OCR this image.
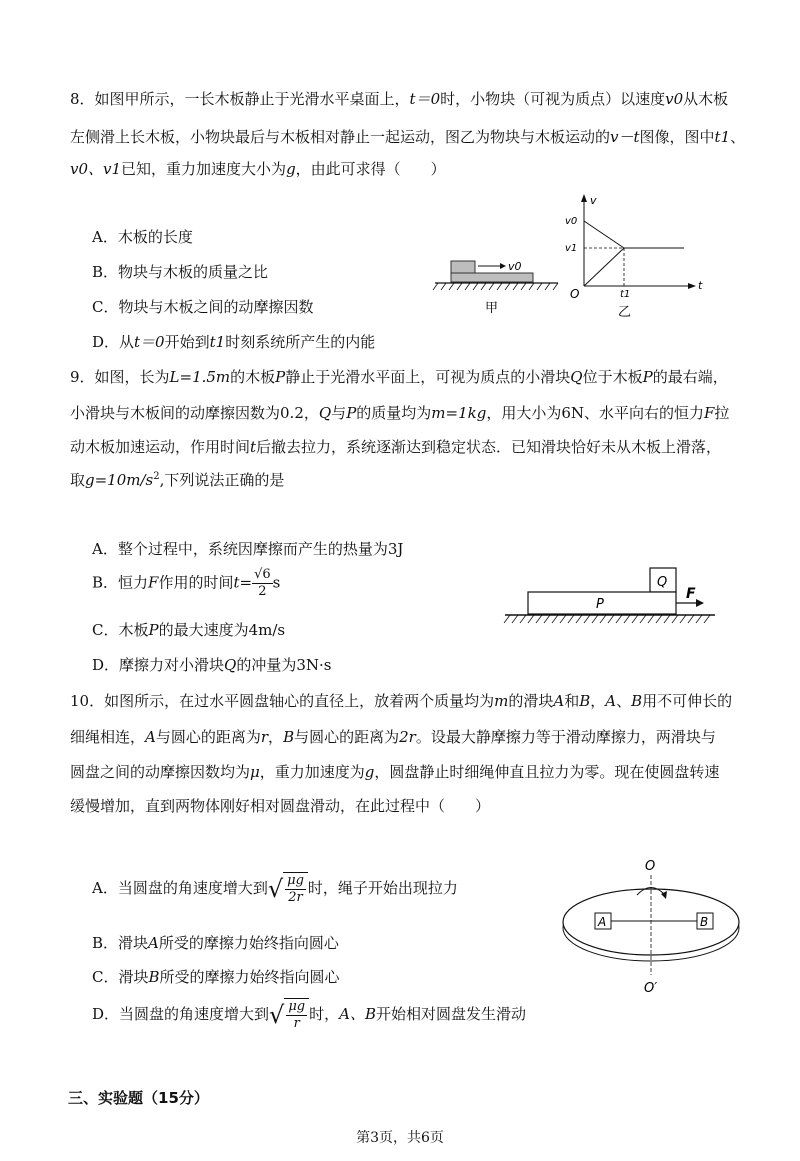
8．如图甲所示，一长木板静止于光滑水平桌面上，t＝0时，小物块（可视为质点）以速度v0从木板
左侧滑上长木板，小物块最后与木板相对静止一起运动，图乙为物块与木板运动的v－t图像，图中t1、
v0、v1已知，重力加速度大小为g，由此可求得（　　）
A．木板的长度
B．物块与木板的质量之比
C．物块与木板之间的动摩擦因数
D．从t＝0开始到t1时刻系统所产生的内能
v0
甲
v
v0
v1
O
t
t1
乙
9．如图，长为L=1.5m的木板P静止于光滑水平面上，可视为质点的小滑块Q位于木板P的最右端，
小滑块与木板间的动摩擦因数为0.2，Q与P的质量均为m=1kg，用大小为6N、水平向右的恒力F拉
动木板加速运动，作用时间t后撤去拉力，系统逐渐达到稳定状态．已知滑块恰好未从木板上滑落，
取$g=10m/s^2$,下列说法正确的是
A．整个过程中，系统因摩擦而产生的热量为3J
B．恒力F作用的时间$t= \frac{√6}{2}$ s
C．木板P的最大速度为4m/s
D．摩擦力对小滑块Q的冲量为3N·s
Q
P
F
10．如图所示，在过水平圆盘轴心的直径上，放着两个质量均为m的滑块A和B，A、B用不可伸长的
细绳相连，A与圆心的距离为r，B与圆心的距离为2r。设最大静摩擦力等于滑动摩擦力，两滑块与
圆盘之间的动摩擦因数均为μ，重力加速度为g，圆盘静止时细绳伸直且拉力为零。现在使圆盘转速
缓慢增加，直到两物体刚好相对圆盘滑动，在此过程中（　　）
A．当圆盘的角速度增大到 √ $\frac{\mu g}{2r}$ 时，绳子开始出现拉力
B．滑块A所受的摩擦力始终指向圆心
C．滑块B所受的摩擦力始终指向圆心
D．当圆盘的角速度增大到 √ $\frac{\mu g}{r}$ 时，A、B开始相对圆盘发生滑动
O
O′
A	B
三、实验题（15分）
第3页，共6页
